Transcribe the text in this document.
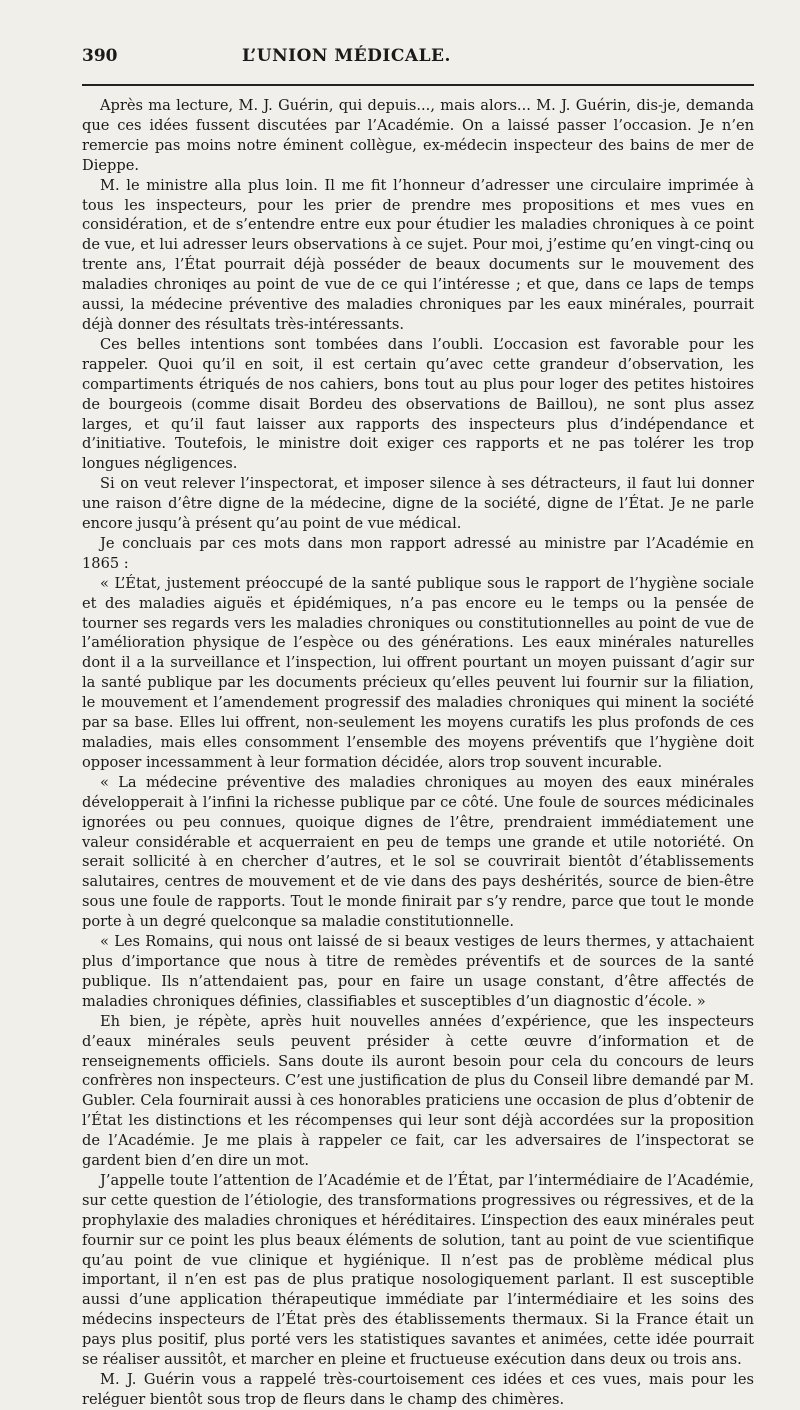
390	L’UNION MÉDICALE.

Après ma lecture, M. J. Guérin, qui depuis..., mais alors... M. J. Guérin, dis-je, demanda que ces idées fussent discutées par l’Académie. On a laissé passer l’occasion. Je n’en remercie pas moins notre éminent collègue, ex-médecin inspecteur des bains de mer de Dieppe.

M. le ministre alla plus loin. Il me fit l’honneur d’adresser une circulaire imprimée à tous les inspecteurs, pour les prier de prendre mes propositions et mes vues en considération, et de s’entendre entre eux pour étudier les maladies chroniques à ce point de vue, et lui adresser leurs observations à ce sujet. Pour moi, j’estime qu’en vingt-cinq ou trente ans, l’État pourrait déjà posséder de beaux documents sur le mouvement des maladies chroniqes au point de vue de ce qui l’intéresse ; et que, dans ce laps de temps aussi, la médecine préventive des maladies chroniques par les eaux minérales, pourrait déjà donner des résultats très-intéressants.

Ces belles intentions sont tombées dans l’oubli. L’occasion est favorable pour les rappeler. Quoi qu’il en soit, il est certain qu’avec cette grandeur d’observation, les compartiments étriqués de nos cahiers, bons tout au plus pour loger des petites histoires de bourgeois (comme disait Bordeu des observations de Baillou), ne sont plus assez larges, et qu’il faut laisser aux rapports des inspecteurs plus d’indépendance et d’initiative. Toutefois, le ministre doit exiger ces rapports et ne pas tolérer les trop longues négligences.

Si on veut relever l’inspectorat, et imposer silence à ses détracteurs, il faut lui donner une raison d’être digne de la médecine, digne de la société, digne de l’État. Je ne parle encore jusqu’à présent qu’au point de vue médical.

Je concluais par ces mots dans mon rapport adressé au ministre par l’Académie en 1865 :

« L’État, justement préoccupé de la santé publique sous le rapport de l’hygiène sociale et des maladies aiguës et épidémiques, n’a pas encore eu le temps ou la pensée de tourner ses regards vers les maladies chroniques ou constitutionnelles au point de vue de l’amélioration physique de l’espèce ou des générations. Les eaux minérales naturelles dont il a la surveillance et l’inspection, lui offrent pourtant un moyen puissant d’agir sur la santé publique par les documents précieux qu’elles peuvent lui fournir sur la filiation, le mouvement et l’amendement progressif des maladies chroniques qui minent la société par sa base. Elles lui offrent, non-seulement les moyens curatifs les plus profonds de ces maladies, mais elles consomment l’ensemble des moyens préventifs que l’hygiène doit opposer incessamment à leur formation décidée, alors trop souvent incurable.

« La médecine préventive des maladies chroniques au moyen des eaux minérales développerait à l’infini la richesse publique par ce côté. Une foule de sources médicinales ignorées ou peu connues, quoique dignes de l’être, prendraient immédiatement une valeur considérable et acquerraient en peu de temps une grande et utile notoriété. On serait sollicité à en chercher d’autres, et le sol se couvrirait bientôt d’établissements salutaires, centres de mouvement et de vie dans des pays deshérités, source de bien-être sous une foule de rapports. Tout le monde finirait par s’y rendre, parce que tout le monde porte à un degré quelconque sa maladie constitutionnelle.

« Les Romains, qui nous ont laissé de si beaux vestiges de leurs thermes, y attachaient plus d’importance que nous à titre de remèdes préventifs et de sources de la santé publique. Ils n’attendaient pas, pour en faire un usage constant, d’être affectés de maladies chroniques définies, classifiables et susceptibles d’un diagnostic d’école. »

Eh bien, je répète, après huit nouvelles années d’expérience, que les inspecteurs d’eaux minérales seuls peuvent présider à cette œuvre d’information et de renseignements officiels. Sans doute ils auront besoin pour cela du concours de leurs confrères non inspecteurs. C’est une justification de plus du Conseil libre demandé par M. Gubler. Cela fournirait aussi à ces honorables praticiens une occasion de plus d’obtenir de l’État les distinctions et les récompenses qui leur sont déjà accordées sur la proposition de l’Académie. Je me plais à rappeler ce fait, car les adversaires de l’inspectorat se gardent bien d’en dire un mot.

J’appelle toute l’attention de l’Académie et de l’État, par l’intermédiaire de l’Académie, sur cette question de l’étiologie, des transformations progressives ou régressives, et de la prophylaxie des maladies chroniques et héréditaires. L’inspection des eaux minérales peut fournir sur ce point les plus beaux éléments de solution, tant au point de vue scientifique qu’au point de vue clinique et hygiénique. Il n’est pas de problème médical plus important, il n’en est pas de plus pratique nosologiquement parlant. Il est susceptible aussi d’une application thérapeutique immédiate par l’intermédiaire et les soins des médecins inspecteurs de l’État près des établissements thermaux. Si la France était un pays plus positif, plus porté vers les statistiques savantes et animées, cette idée pourrait se réaliser aussitôt, et marcher en pleine et fructueuse exécution dans deux ou trois ans.

M. J. Guérin vous a rappelé très-courtoisement ces idées et ces vues, mais pour les reléguer bientôt sous trop de fleurs dans le champ des chimères.
